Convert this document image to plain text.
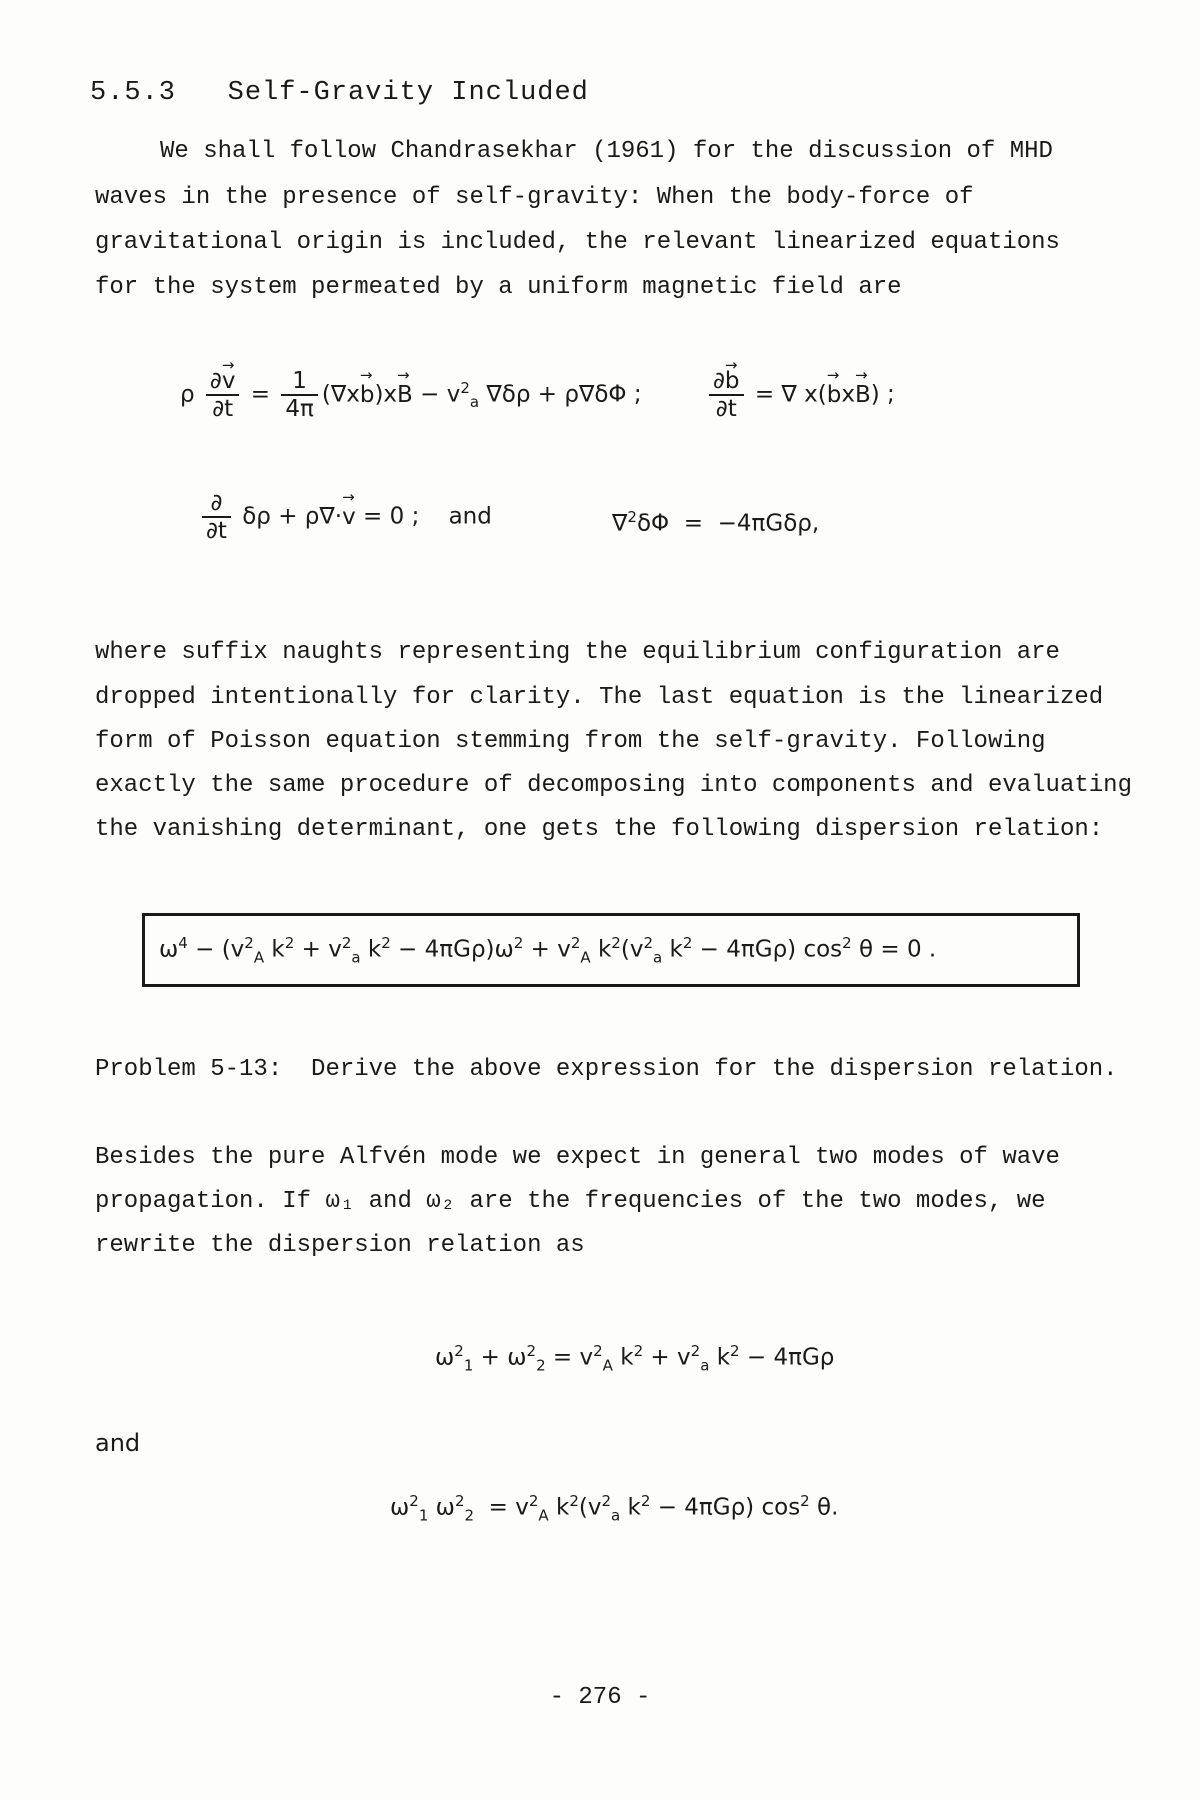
5.5.3 Self-Gravity Included
We shall follow Chandrasekhar (1961) for the discussion of MHD
waves in the presence of self-gravity: When the body-force of
gravitational origin is included, the relevant linearized equations
for the system permeated by a uniform magnetic field are
ρ $\frac{\partial\to v}{\partial t} = \frac{1}{4\pi} (\nabla x\to b)x\to B - v^2_a$ ∇δρ + ρ∇δΦ ;	$\frac{\partial\to b}{\partial t}$ = ∇ x(→ bx→ B) ;
$\frac{\partial}{\partial t}$ δρ + ρ∇·→ v = 0 ; and	∇$^2$δΦ  =  −4πGδρ,
where suffix naughts representing the equilibrium configuration are
dropped intentionally for clarity. The last equation is the linearized
form of Poisson equation stemming from the self-gravity. Following
exactly the same procedure of decomposing into components and evaluating
the vanishing determinant, one gets the following dispersion relation:
$\omega^4 - (v^2_A$ $k^2 + v^2_a$ $k^2 - 4\pi G\rho)\omega^2 + v^2_A$ $k^2(v^2_a$ $k^2 - 4\pi G\rho$) $\cos^2 \theta = 0$ .
Problem 5-13: Derive the above expression for the dispersion relation.
Besides the pure Alfvén mode we expect in general two modes of wave
propagation. If ω₁ and ω₂ are the frequencies of the two modes, we
rewrite the dispersion relation as
$\omega^2_1 + \omega^2_2 = v^2_A$ $k^2 + v^2_a$ $k^2 - 4\pi G\rho$
and
$\omega^2_1$ $\omega^2_2 = v^2_A$ $k^2(v^2_a$ $k^2 - 4\pi G\rho$) $\cos^2 \theta$.
- 276 -
